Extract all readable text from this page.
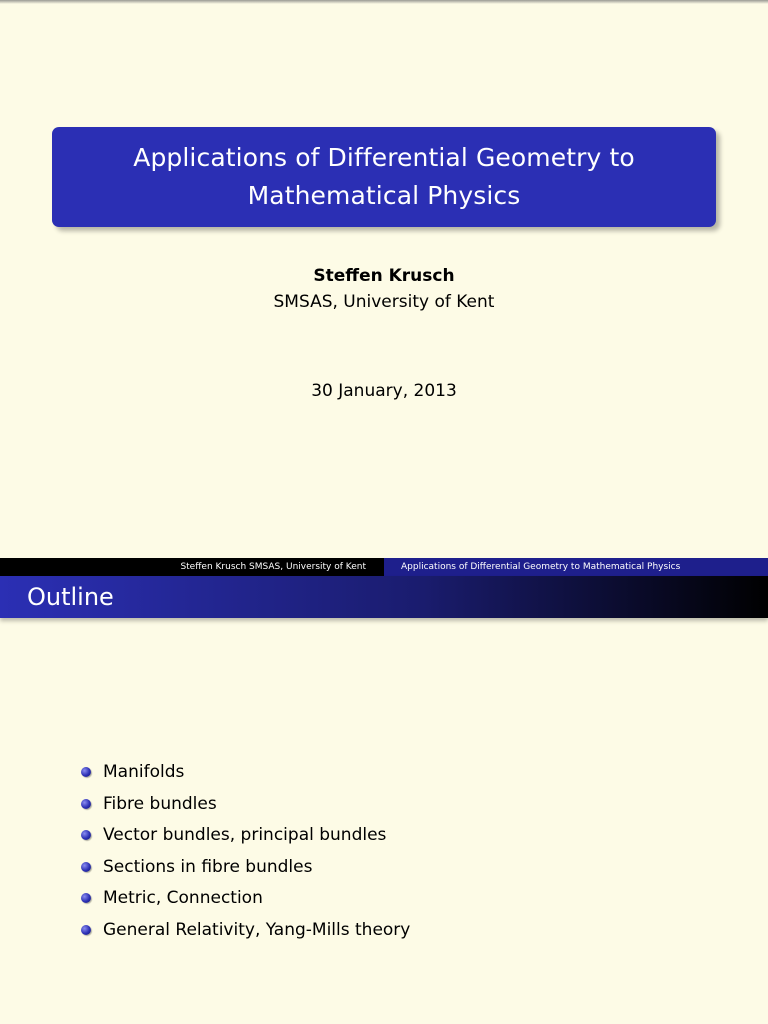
Applications of Differential Geometry to Mathematical Physics
Steffen Krusch
SMSAS, University of Kent
30 January, 2013
Steffen Krusch SMSAS, University of Kent	Applications of Differential Geometry to Mathematical Physics
Outline
Manifolds
Fibre bundles
Vector bundles, principal bundles
Sections in fibre bundles
Metric, Connection
General Relativity, Yang-Mills theory
